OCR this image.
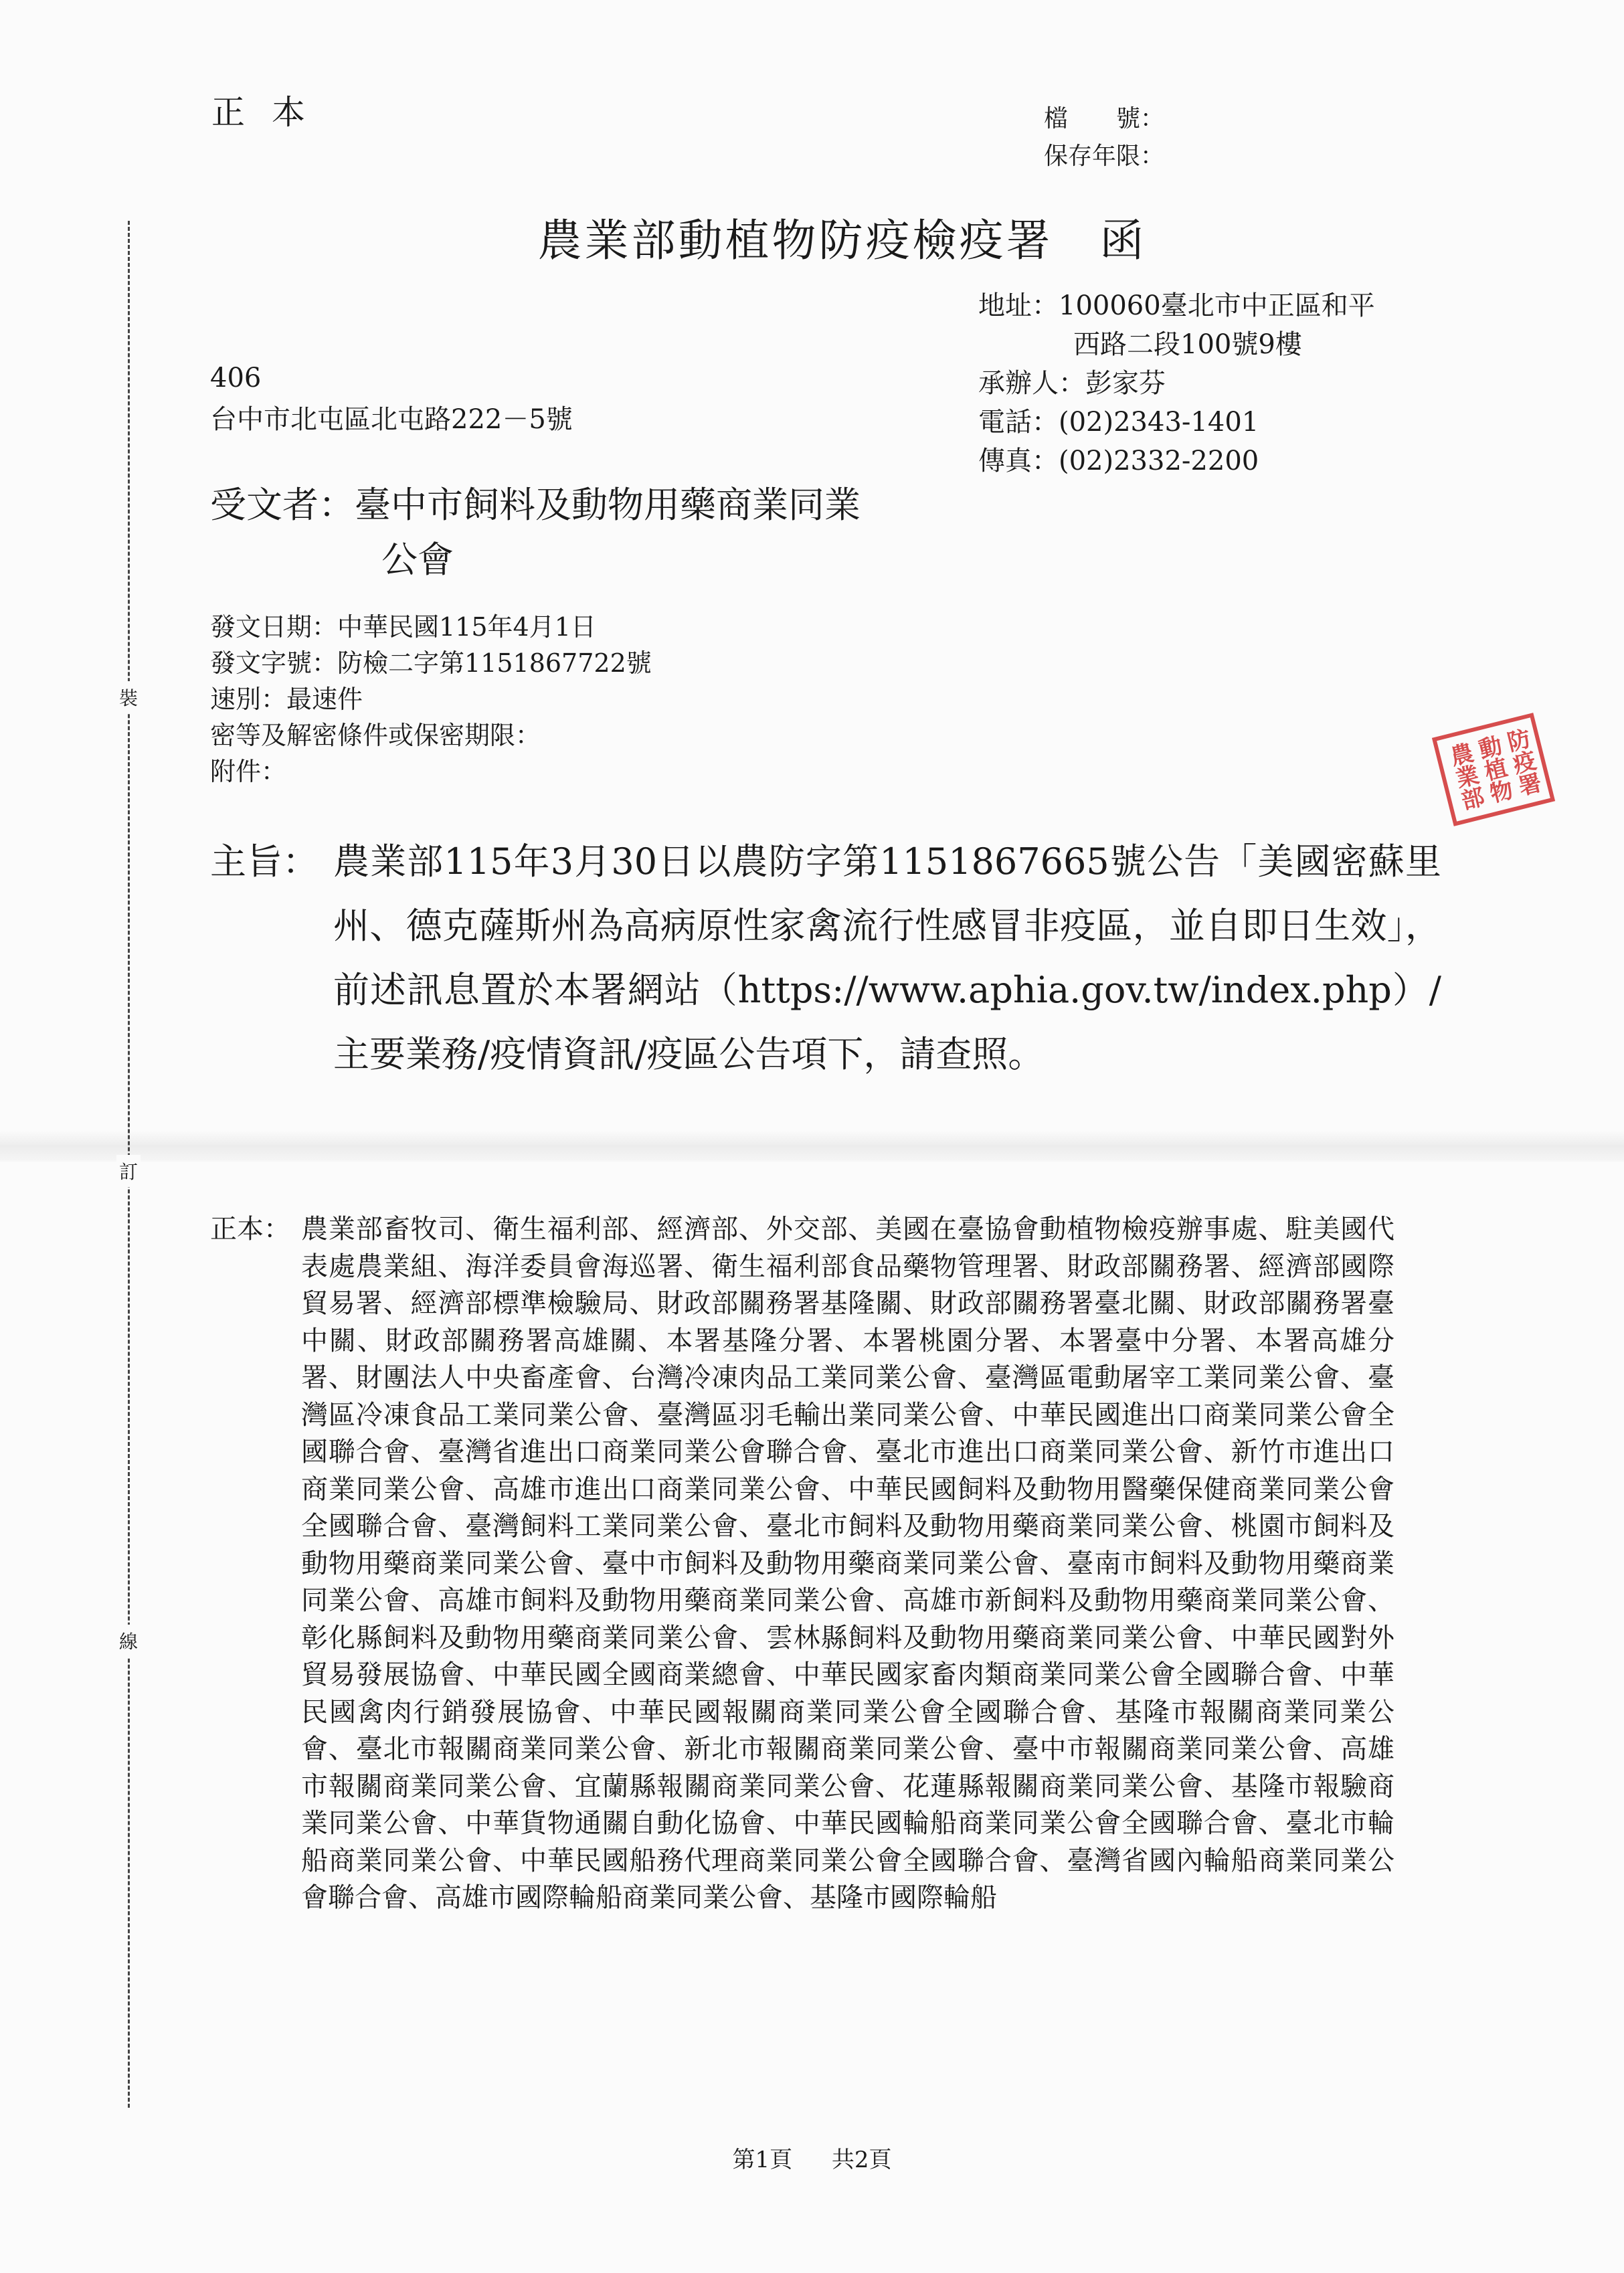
裝
訂
線
正本	檔　　號：
保存年限：
農業部動植物防疫檢疫署　函
地址：100060臺北市中正區和平
西路二段100號9樓
承辦人：彭家芬
電話：(02)2343-1401
傳真：(02)2332-2200
406
台中市北屯區北屯路222－5號
受文者：臺中市飼料及動物用藥商業同業
公會
發文日期：中華民國115年4月1日
發文字號：防檢二字第1151867722號
速別：最速件
密等及解密條件或保密期限：
附件：	農業部
動植物
防疫署
主旨： 農業部115年3月30日以農防字第1151867665號公告「美國密蘇里州、德克薩斯州為高病原性家禽流行性感冒非疫區，並自即日生效」，前述訊息置於本署網站（https://www.aphia.gov.tw/index.php）/主要業務/疫情資訊/疫區公告項下，請查照。
正本： 農業部畜牧司、衛生福利部、經濟部、外交部、美國在臺協會動植物檢疫辦事處、駐美國代表處農業組、海洋委員會海巡署、衛生福利部食品藥物管理署、財政部關務署、經濟部國際貿易署、經濟部標準檢驗局、財政部關務署基隆關、財政部關務署臺北關、財政部關務署臺中關、財政部關務署高雄關、本署基隆分署、本署桃園分署、本署臺中分署、本署高雄分署、財團法人中央畜產會、台灣冷凍肉品工業同業公會、臺灣區電動屠宰工業同業公會、臺灣區冷凍食品工業同業公會、臺灣區羽毛輸出業同業公會、中華民國進出口商業同業公會全國聯合會、臺灣省進出口商業同業公會聯合會、臺北市進出口商業同業公會、新竹市進出口商業同業公會、高雄市進出口商業同業公會、中華民國飼料及動物用醫藥保健商業同業公會全國聯合會、臺灣飼料工業同業公會、臺北市飼料及動物用藥商業同業公會、桃園市飼料及動物用藥商業同業公會、臺中市飼料及動物用藥商業同業公會、臺南市飼料及動物用藥商業同業公會、高雄市飼料及動物用藥商業同業公會、高雄市新飼料及動物用藥商業同業公會、彰化縣飼料及動物用藥商業同業公會、雲林縣飼料及動物用藥商業同業公會、中華民國對外貿易發展協會、中華民國全國商業總會、中華民國家畜肉類商業同業公會全國聯合會、中華民國禽肉行銷發展協會、中華民國報關商業同業公會全國聯合會、基隆市報關商業同業公會、臺北市報關商業同業公會、新北市報關商業同業公會、臺中市報關商業同業公會、高雄市報關商業同業公會、宜蘭縣報關商業同業公會、花蓮縣報關商業同業公會、基隆市報驗商業同業公會、中華貨物通關自動化協會、中華民國輪船商業同業公會全國聯合會、臺北市輪船商業同業公會、中華民國船務代理商業同業公會全國聯合會、臺灣省國內輪船商業同業公會聯合會、高雄市國際輪船商業同業公會、基隆市國際輪船
第1頁 共2頁
